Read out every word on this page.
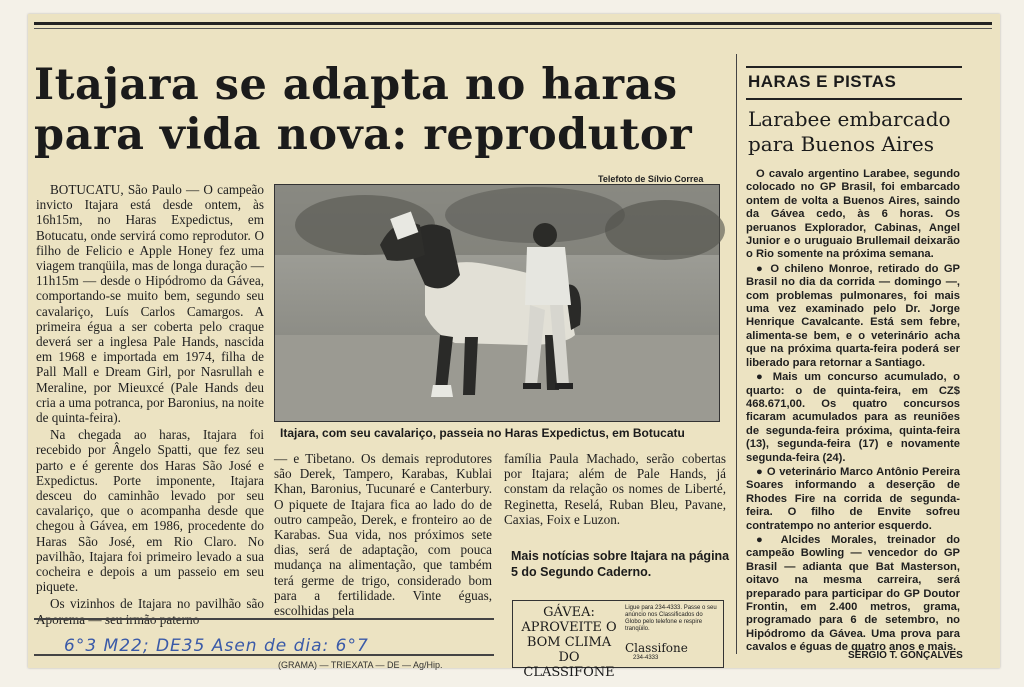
Itajara se adapta no haras para vida nova: reprodutor

BOTUCATU, São Paulo — O campeão invicto Itajara está desde ontem, às 16h15m, no Haras Expedictus, em Botucatu, onde servirá como reprodutor. O filho de Felicio e Apple Honey fez uma viagem tranqüila, mas de longa duração — 11h15m — desde o Hipódromo da Gávea, comportando-se muito bem, segundo seu cavalariço, Luís Carlos Camargos. A primeira égua a ser coberta pelo craque deverá ser a inglesa Pale Hands, nascida em 1968 e importada em 1974, filha de Pall Mall e Dream Girl, por Nasrullah e Meraline, por Mieuxcé (Pale Hands deu cria a uma potranca, por Baronius, na noite de quinta-feira).

Na chegada ao haras, Itajara foi recebido por Ângelo Spatti, que fez seu parto e é gerente dos Haras São José e Expedictus. Porte imponente, Itajara desceu do caminhão levado por seu cavalariço, que o acompanha desde que chegou à Gávea, em 1986, procedente do Haras São José, em Rio Claro. No pavilhão, Itajara foi primeiro levado a sua cocheira e depois a um passeio em seu piquete.

Os vizinhos de Itajara no pavilhão são

Telefoto de Sílvio Correa
Itajara, com seu cavalariço, passeia no Haras Expedictus, em Botucatu

— e Tibetano. Os demais reprodutores são Derek, Tampero, Karabas, Kublai Khan, Baronius, Tucunaré e Canterbury. O piquete de Itajara fica ao lado do de outro campeão, Derek, e fronteiro ao de Karabas. Sua vida, nos próximos sete dias, será de adaptação, com pouca mudança na alimentação, que também terá germe de trigo, considerado bom para a fertilidade. Vinte éguas, escolhidas pela

família Paula Machado, serão cobertas por Itajara; além de Pale Hands, já constam da relação os nomes de Liberté, Reginetta, Reselá, Ruban Bleu, Pavane, Caxias, Foix e Luzon.

Mais notícias sobre Itajara na página 5 do Segundo Caderno.
GÁVEA: APROVEITE O BOM CLIMA DO CLASSIFONE
Ligue para 234-4333. Passe o seu anúncio nos Classificados do Globo pelo telefone e respire tranqüilo.
Classifone
234-4333
HARAS E PISTAS
Larabee embarcado para Buenos Aires

O cavalo argentino Larabee, segundo colocado no GP Brasil, foi embarcado ontem de volta a Buenos Aires, saindo da Gávea cedo, às 6 horas. Os peruanos Explorador, Cabinas, Angel Junior e o uruguaio Brullemail deixarão o Rio somente na próxima semana.

● O chileno Monroe, retirado do GP Brasil no dia da corrida — domingo —, com problemas pulmonares, foi mais uma vez examinado pelo Dr. Jorge Henrique Cavalcante. Está sem febre, alimenta-se bem, e o veterinário acha que na próxima quarta-feira poderá ser liberado para retornar a Santiago.

● Mais um concurso acumulado, o quarto: o de quinta-feira, em CZ$ 468.671,00. Os quatro concursos ficaram acumulados para as reuniões de segunda-feira próxima, quinta-feira (13), segunda-feira (17) e novamente segunda-feira (24).

● O veterinário Marco Antônio Pereira Soares informando a deserção de Rhodes Fire na corrida de segunda-feira. O filho de Envite sofreu contratempo no anterior esquerdo.

● Alcides Morales, treinador do campeão Bowling — vencedor do GP Brasil — adianta que Bat Masterson, oitavo na mesma carreira, será preparado para participar do GP Doutor Frontin, em 2.400 metros, grama, programado para 6 de setembro, no Hipódromo da Gávea. Uma prova para cavalos e éguas de quatro anos e mais.

SÉRGIO T. GONÇALVES
6°3 M22; DE35 Asen de dia: 6°7
(GRAMA) — TRIEXATA — DE — Ag/Hip.
